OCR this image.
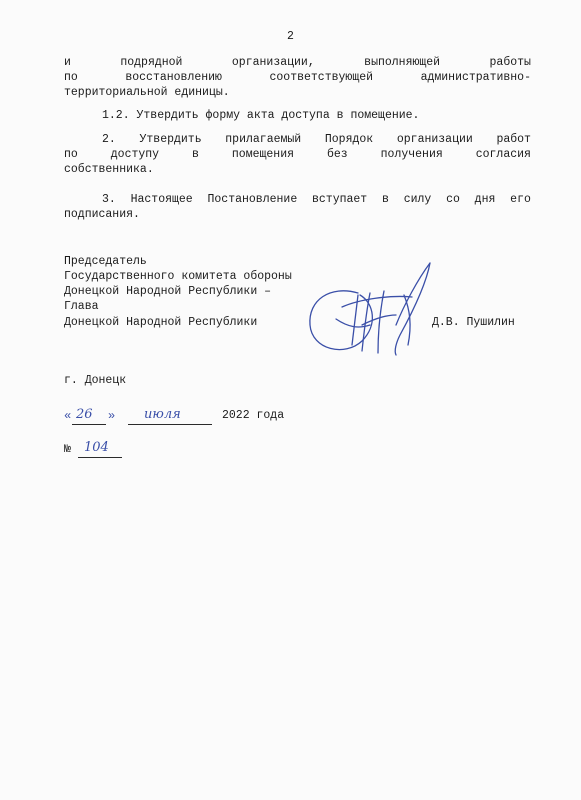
2
и	подрядной	организации,	выполняющей	работы
по	восстановлению	соответствующей	административно-
территориальной единицы.
1.2. Утвердить форму акта доступа в помещение.
2. Утвердить прилагаемый Порядок организации работ
по	доступу	в	помещения	без	получения	согласия
собственника.
3. Настоящее Постановление вступает в силу со дня его
подписания.
Председатель
Государственного комитета обороны
Донецкой Народной Республики –
Глава
Донецкой Народной Республики	Д.В. Пушилин
г. Донецк
« 26 » июля	2022 года
№ 104
